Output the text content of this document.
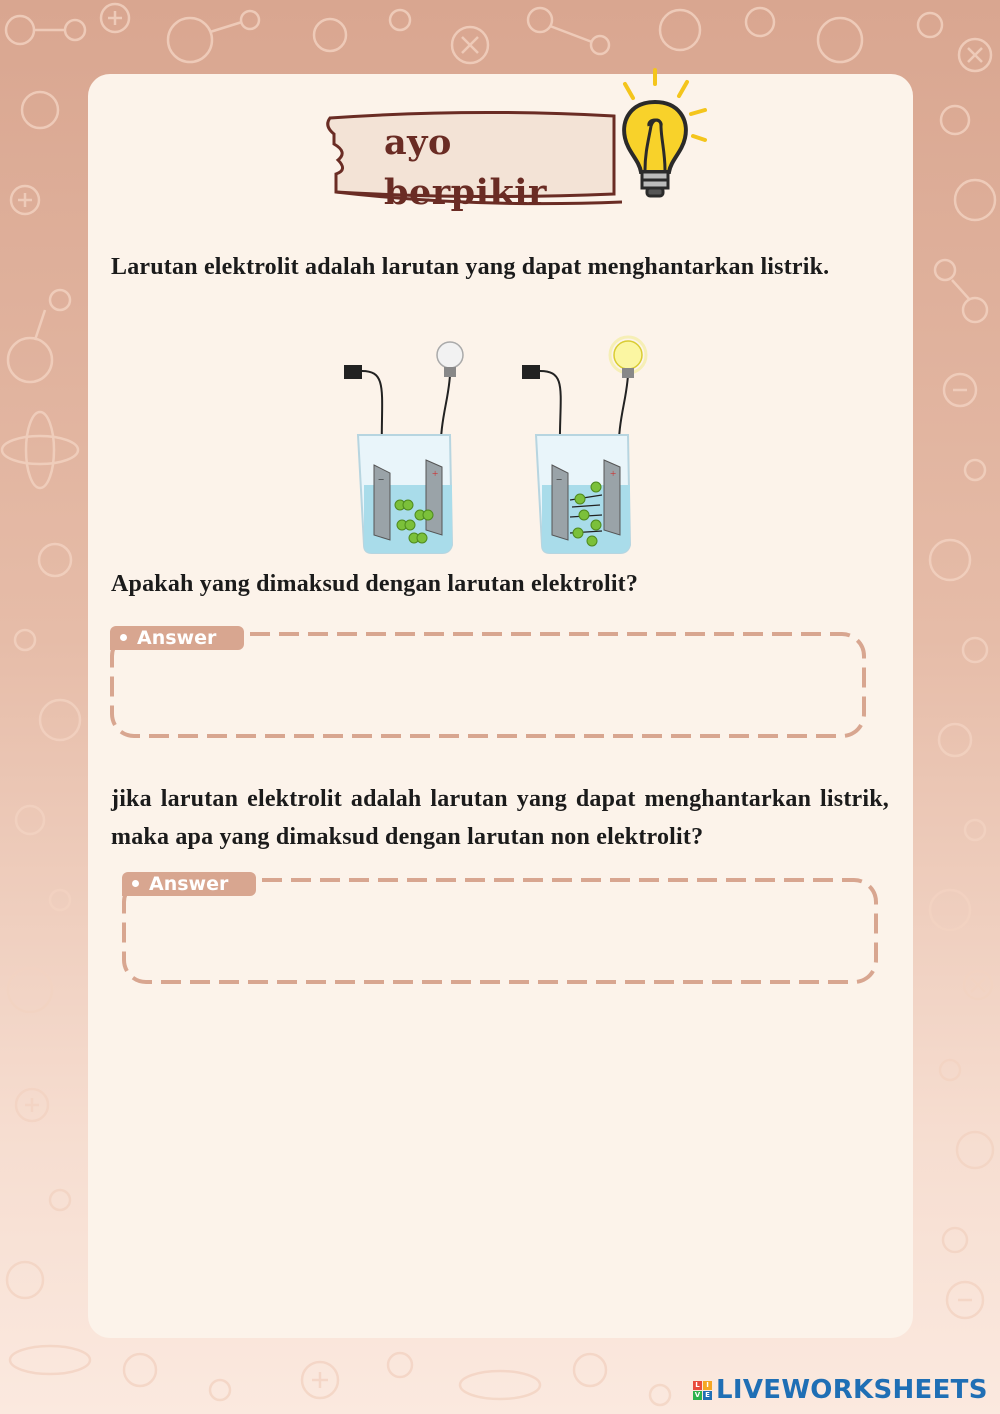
ayo berpikir
Larutan elektrolit adalah larutan yang dapat menghantarkan listrik.
−	+	−	+
Apakah yang dimaksud dengan larutan elektrolit?
Answer
jika larutan elektrolit adalah larutan yang dapat menghantarkan listrik, maka apa yang dimaksud dengan larutan non elektrolit?
Answer
L I
V E LIVEWORKSHEETS
